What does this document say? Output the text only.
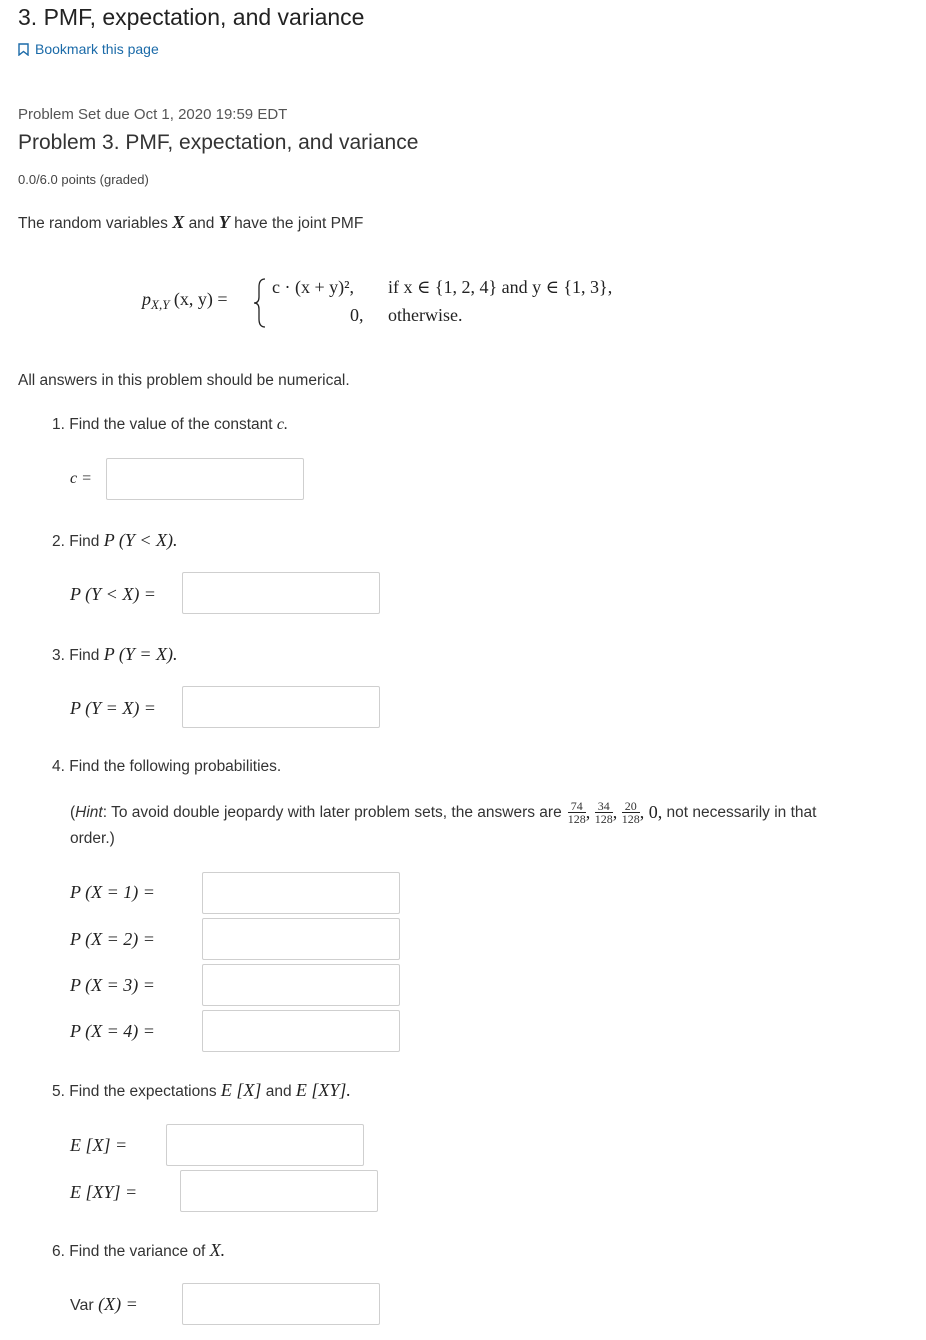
3. PMF, expectation, and variance
Bookmark this page
Problem Set due Oct 1, 2020 19:59 EDT
Problem 3. PMF, expectation, and variance
0.0/6.0 points (graded)
The random variables X and Y have the joint PMF
$p_{X,Y}$ (x, y) =
c · (x + y)², if x ∈ {1, 2, 4} and y ∈ {1, 3},
0, otherwise.
All answers in this problem should be numerical.
1. Find the value of the constant c.
c =
2. Find P (Y < X).
P (Y < X) =
3. Find P (Y = X).
P (Y = X) =
4. Find the following probabilities.
( Hint : To avoid double jeopardy with later problem sets, the answers are $\frac{74}{128}$ , $\frac{34}{128}$ , $\frac{20}{128}$ , 0,
not necessarily in that
order.)
P (X = 1) =
P (X = 2) =
P (X = 3) =
P (X = 4) =
5. Find the expectations E [X] and E [XY].
E [X] =
E [XY] =
6. Find the variance of X.
Var (X) =
